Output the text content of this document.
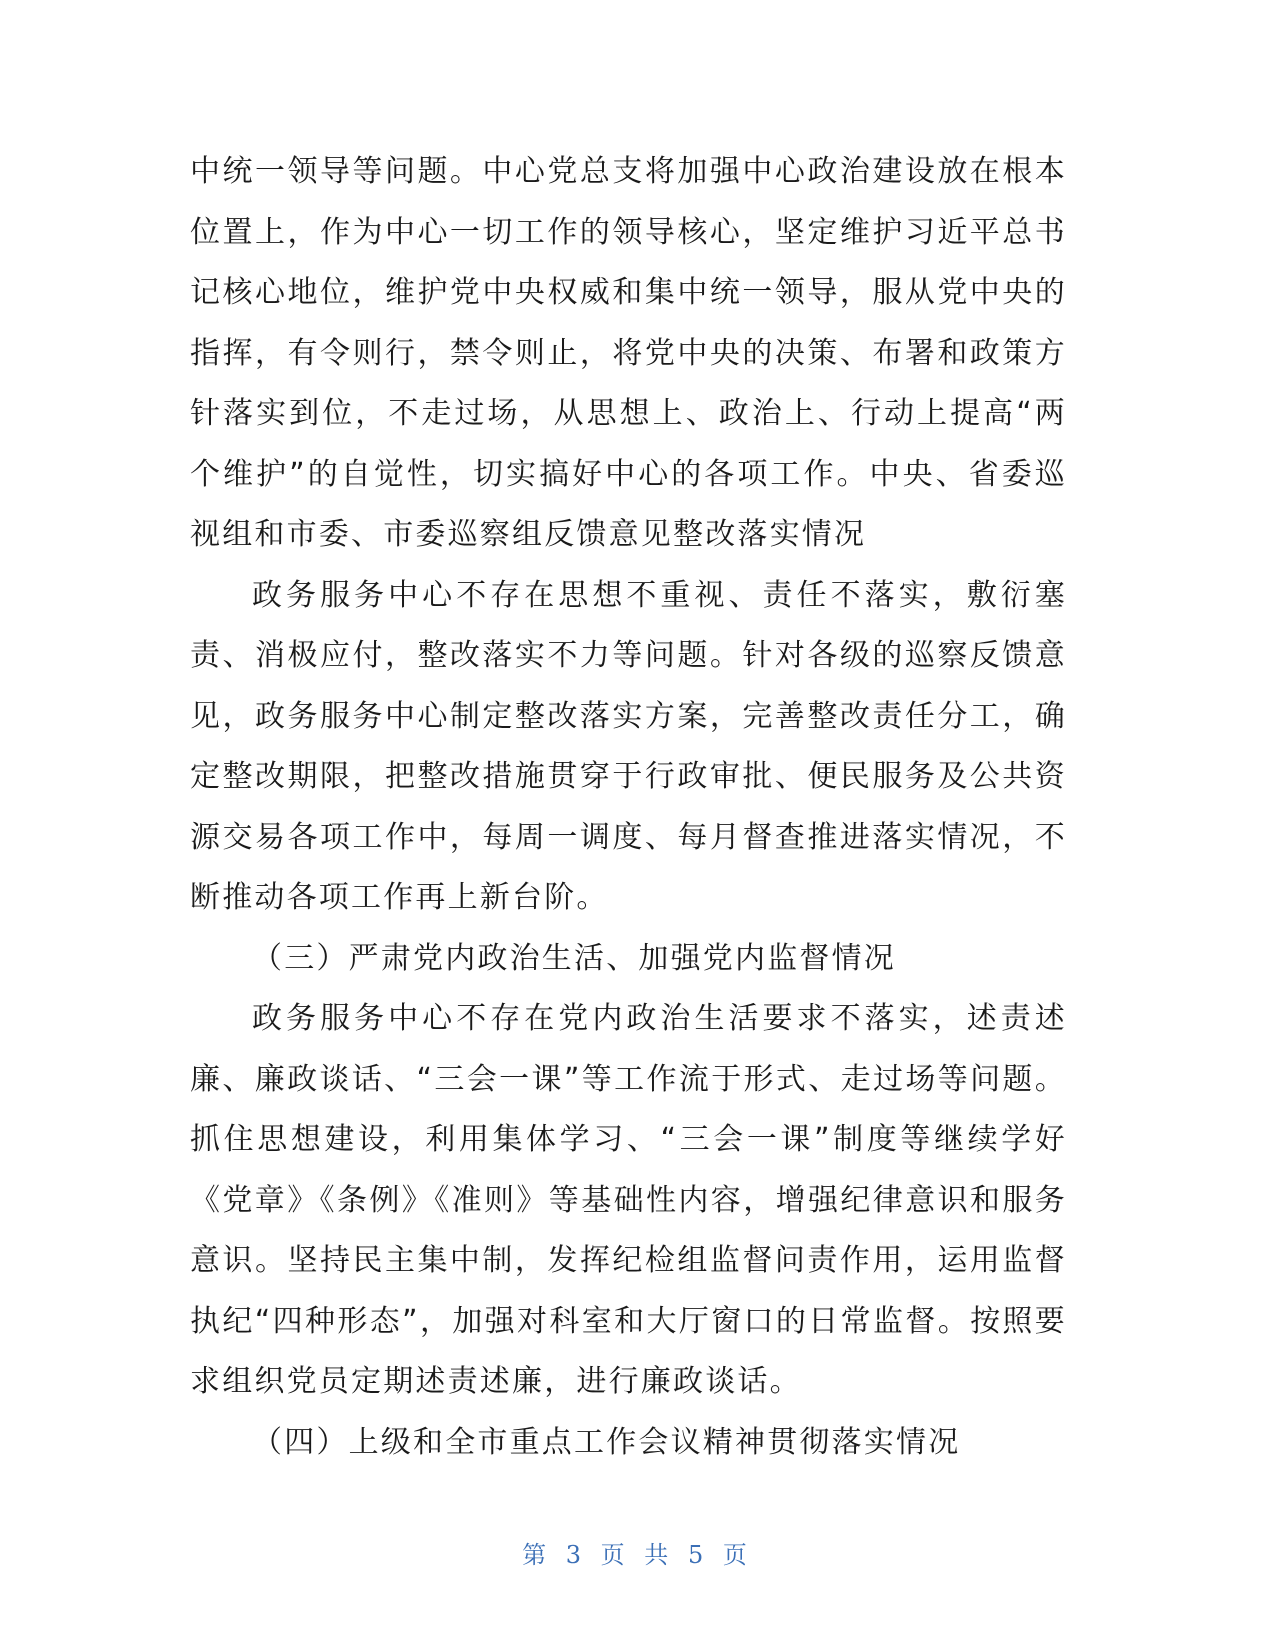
中统一领导等问题。中心党总支将加强中心政治建设放在根本位置上，作为中心一切工作的领导核心，坚定维护习近平总书记核心地位，维护党中央权威和集中统一领导，服从党中央的指挥，有令则行，禁令则止，将党中央的决策、布署和政策方针落实到位，不走过场，从思想上、政治上、行动上提高“两个维护”的自觉性，切实搞好中心的各项工作。中央、省委巡视组和市委、市委巡察组反馈意见整改落实情况

政务服务中心不存在思想不重视、责任不落实，敷衍塞责、消极应付，整改落实不力等问题。针对各级的巡察反馈意见，政务服务中心制定整改落实方案，完善整改责任分工，确定整改期限，把整改措施贯穿于行政审批、便民服务及公共资源交易各项工作中，每周一调度、每月督查推进落实情况，不断推动各项工作再上新台阶。

（三）严肃党内政治生活、加强党内监督情况

政务服务中心不存在党内政治生活要求不落实，述责述廉、廉政谈话、“三会一课”等工作流于形式、走过场等问题。抓住思想建设，利用集体学习、“三会一课”制度等继续学好《党章》《条例》《准则》等基础性内容，增强纪律意识和服务意识。坚持民主集中制，发挥纪检组监督问责作用，运用监督执纪“四种形态”，加强对科室和大厅窗口的日常监督。按照要求组织党员定期述责述廉，进行廉政谈话。

（四）上级和全市重点工作会议精神贯彻落实情况

第 3 页 共 5 页
